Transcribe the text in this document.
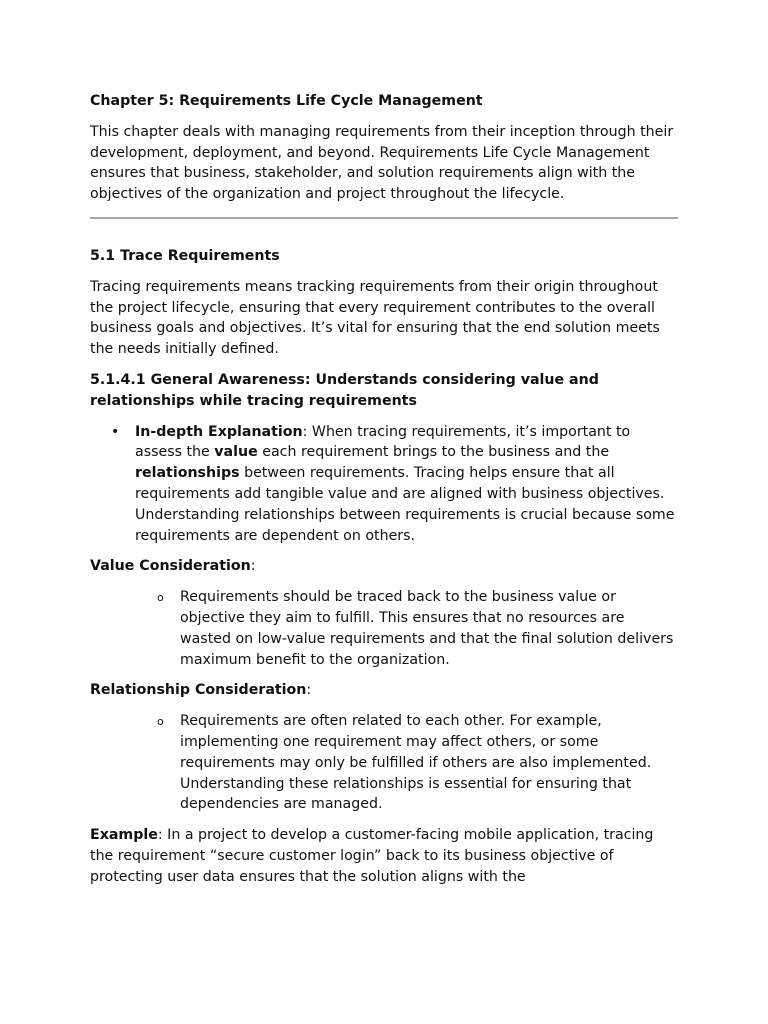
Chapter 5: Requirements Life Cycle Management

This chapter deals with managing requirements from their inception through their development, deployment, and beyond. Requirements Life Cycle Management ensures that business, stakeholder, and solution requirements align with the objectives of the organization and project throughout the lifecycle.

5.1 Trace Requirements

Tracing requirements means tracking requirements from their origin throughout the project lifecycle, ensuring that every requirement contributes to the overall business goals and objectives. It’s vital for ensuring that the end solution meets the needs initially defined.

5.1.4.1 General Awareness: Understands considering value and relationships while tracing requirements

• In-depth Explanation: When tracing requirements, it’s important to assess the value each requirement brings to the business and the relationships between requirements. Tracing helps ensure that all requirements add tangible value and are aligned with business objectives. Understanding relationships between requirements is crucial because some requirements are dependent on others.

Value Consideration:

o Requirements should be traced back to the business value or objective they aim to fulfill. This ensures that no resources are wasted on low-value requirements and that the final solution delivers maximum benefit to the organization.

Relationship Consideration:

o Requirements are often related to each other. For example, implementing one requirement may affect others, or some requirements may only be fulfilled if others are also implemented. Understanding these relationships is essential for ensuring that dependencies are managed.

Example: In a project to develop a customer-facing mobile application, tracing the requirement “secure customer login” back to its business objective of protecting user data ensures that the solution aligns with the
